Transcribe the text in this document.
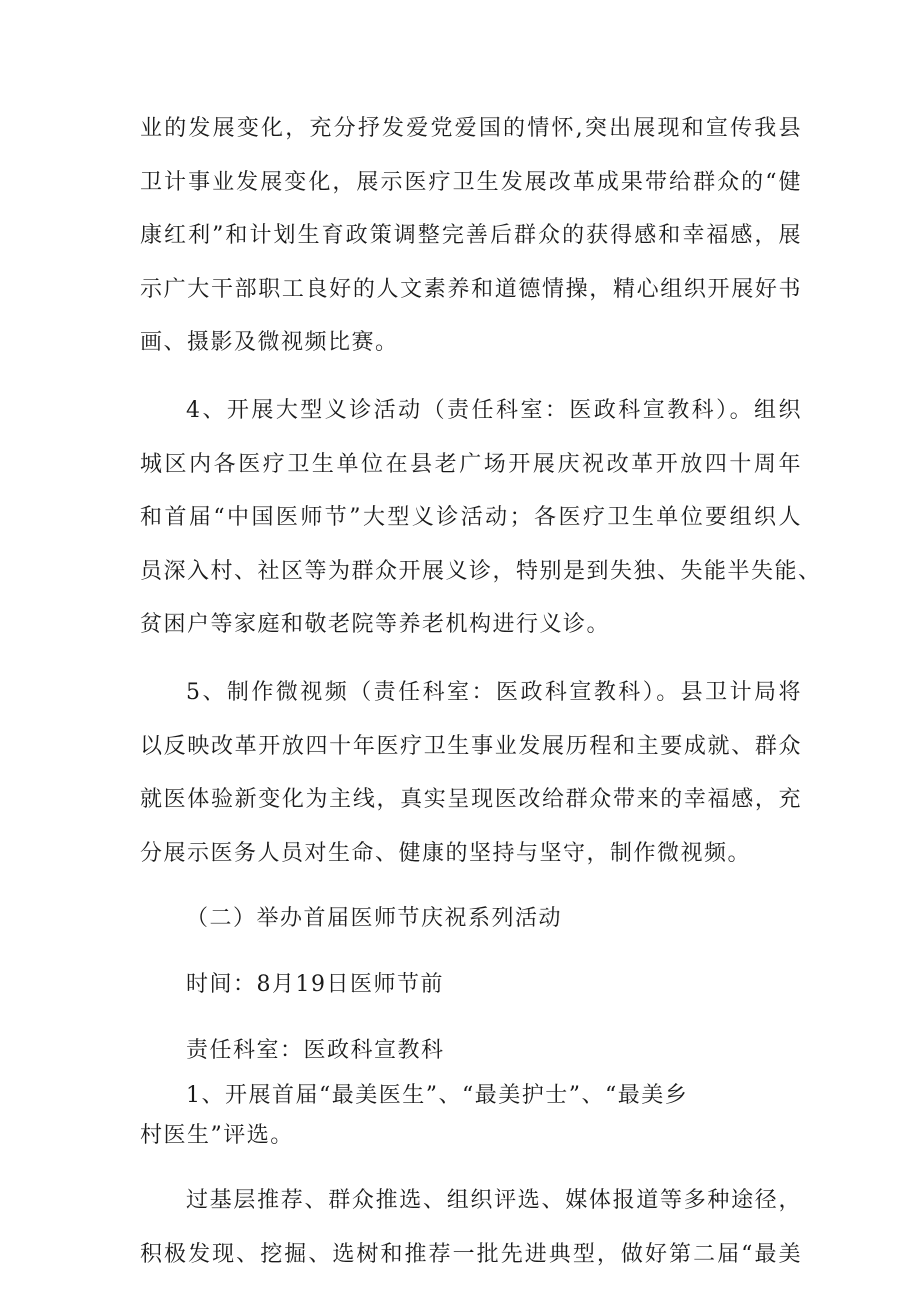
业的发展变化，充分抒发爱党爱国的情怀,突出展现和宣传我县
卫计事业发展变化，展示医疗卫生发展改革成果带给群众的“健
康红利”和计划生育政策调整完善后群众的获得感和幸福感，展
示广大干部职工良好的人文素养和道德情操，精心组织开展好书
画、摄影及微视频比赛。
4、开展大型义诊活动（责任科室：医政科宣教科）。组织
城区内各医疗卫生单位在县老广场开展庆祝改革开放四十周年
和首届“中国医师节”大型义诊活动；各医疗卫生单位要组织人
员深入村、社区等为群众开展义诊，特别是到失独、失能半失能、
贫困户等家庭和敬老院等养老机构进行义诊。
5、制作微视频（责任科室：医政科宣教科）。县卫计局将
以反映改革开放四十年医疗卫生事业发展历程和主要成就、群众
就医体验新变化为主线，真实呈现医改给群众带来的幸福感，充
分展示医务人员对生命、健康的坚持与坚守，制作微视频。
（二）举办首届医师节庆祝系列活动
时间：8月19日医师节前
责任科室：医政科宣教科
1、开展首届“最美医生”、“最美护士”、“最美乡
村医生”评选。
过基层推荐、群众推选、组织评选、媒体报道等多种途径，
积极发现、挖掘、选树和推荐一批先进典型，做好第二届“最美
